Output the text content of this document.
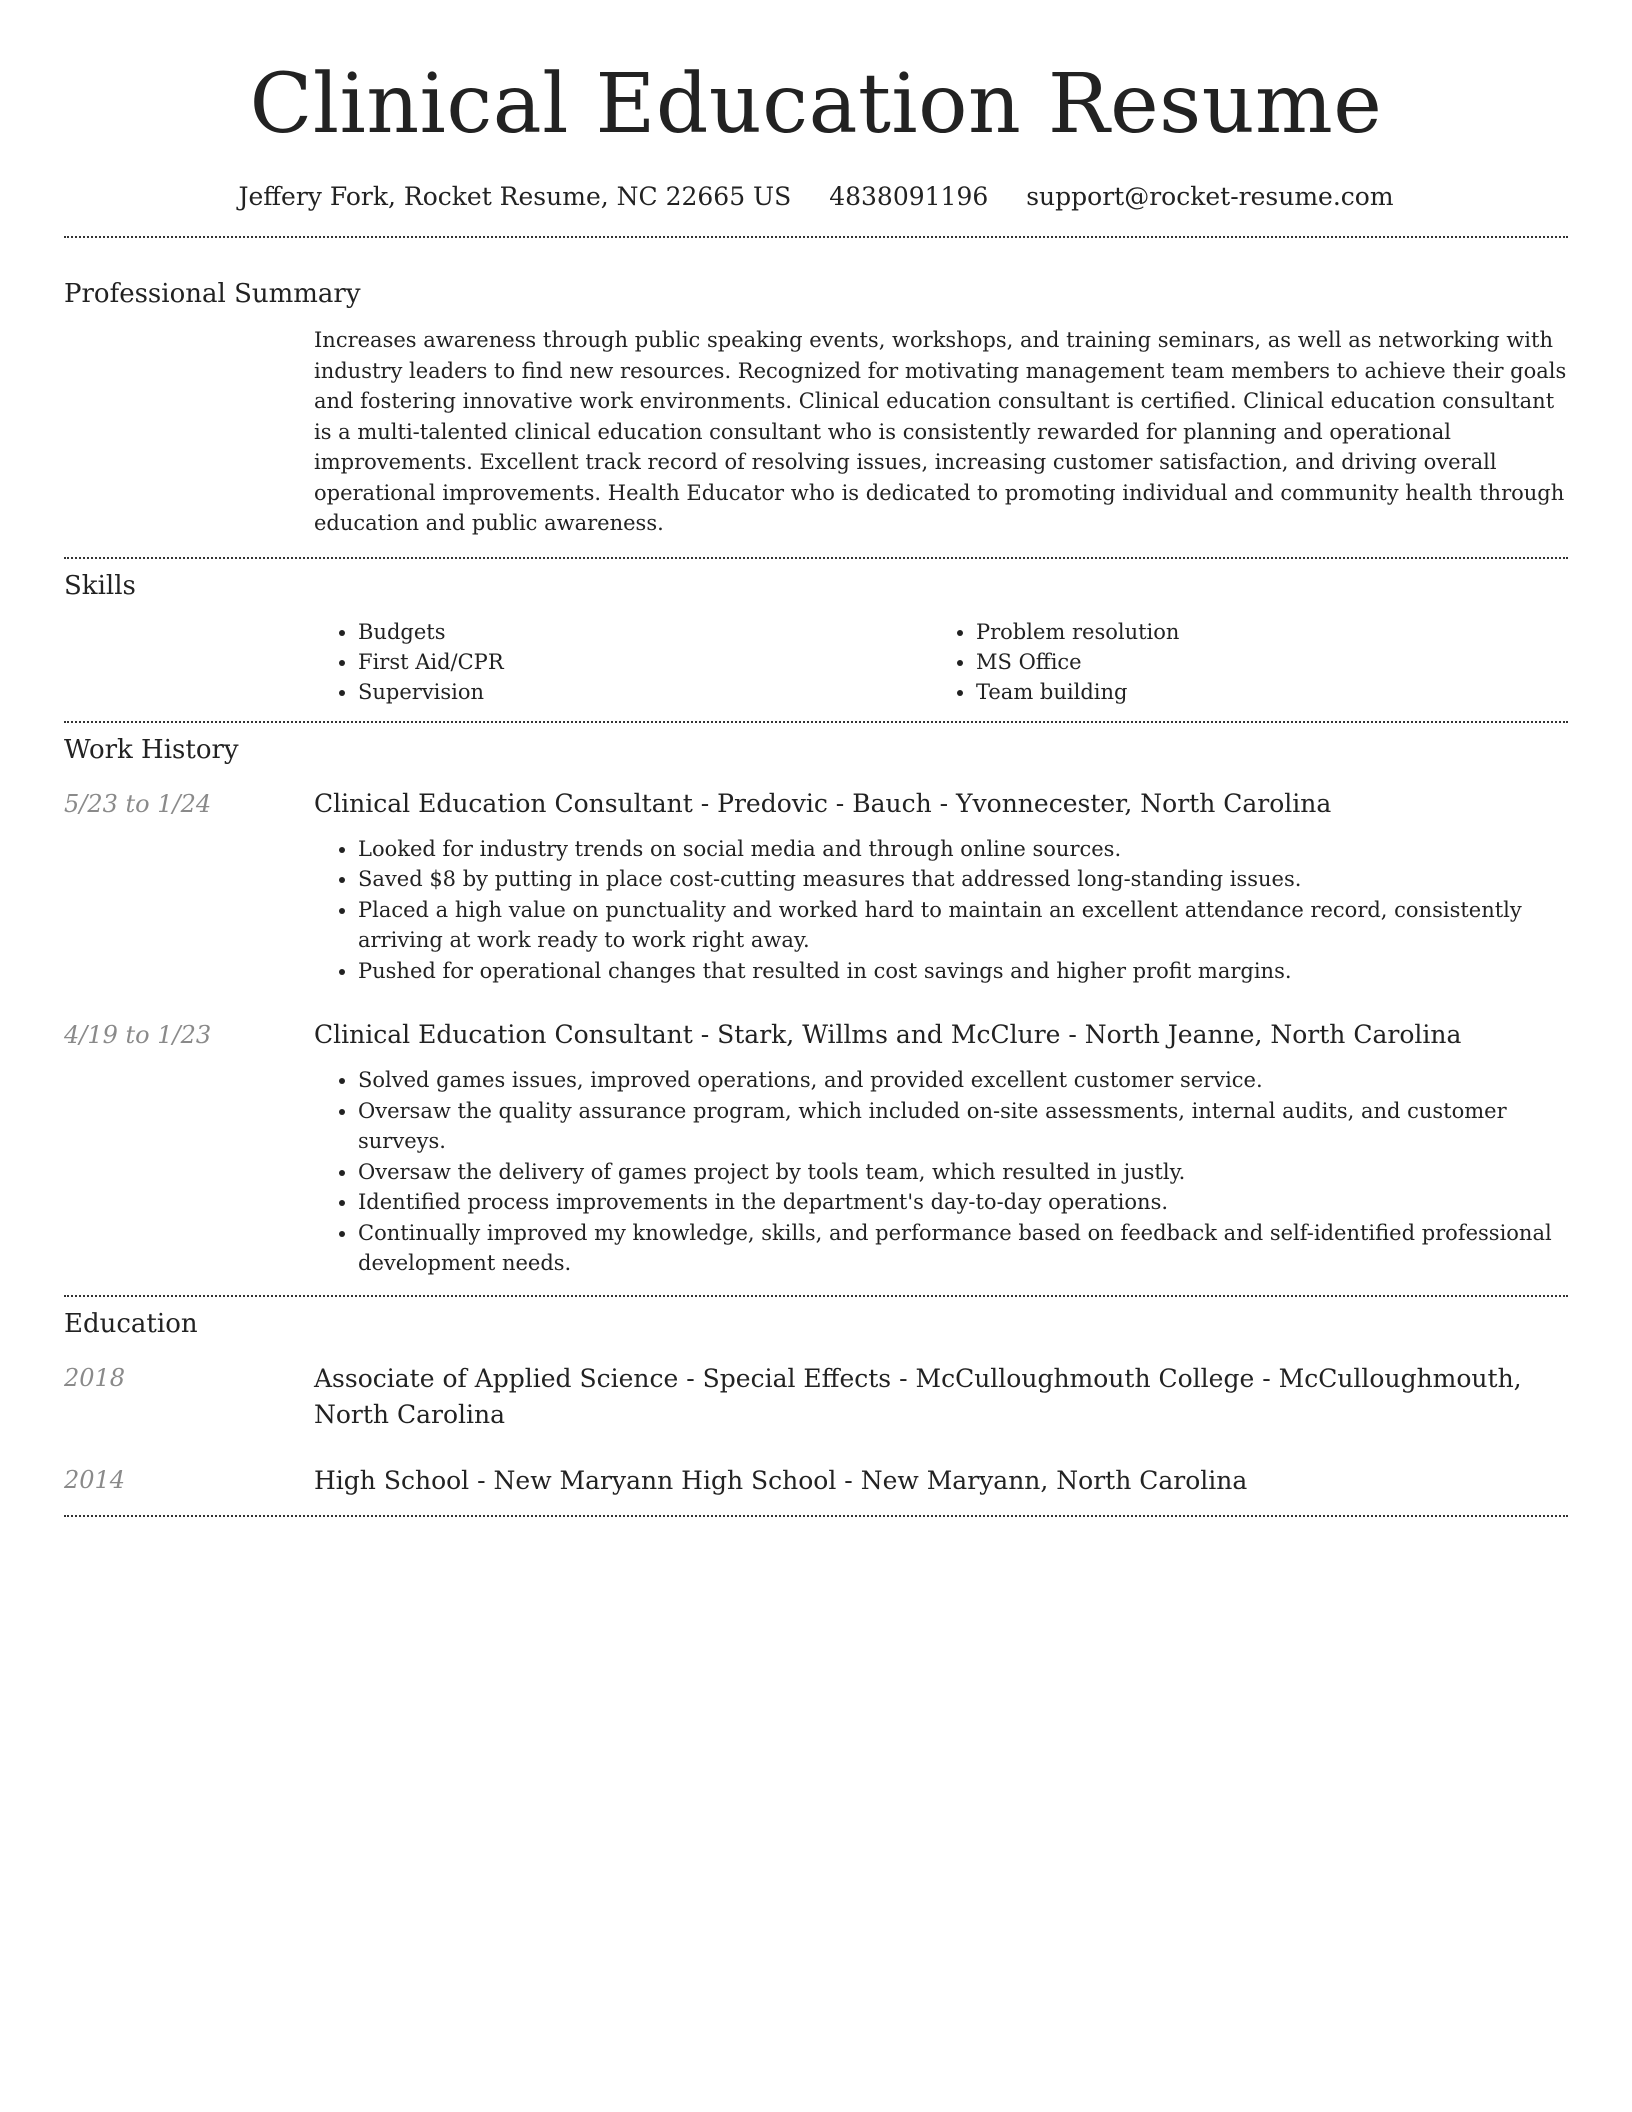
Clinical Education Resume
Jeffery Fork, Rocket Resume, NC 22665 US 4838091196 support@rocket-resume.com
Professional Summary

Increases awareness through public speaking events, workshops, and training seminars, as well as networking with industry leaders to find new resources. Recognized for motivating management team members to achieve their goals and fostering innovative work environments. Clinical education consultant is certified. Clinical education consultant is a multi-talented clinical education consultant who is consistently rewarded for planning and operational improvements. Excellent track record of resolving issues, increasing customer satisfaction, and driving overall operational improvements. Health Educator who is dedicated to promoting individual and community health through education and public awareness.

Skills
• Budgets
• First Aid/CPR
• Supervision
• Problem resolution
• MS Office
• Team building
Work History
5/23 to 1/24	Clinical Education Consultant - Predovic - Bauch - Yvonnecester, North Carolina
• Looked for industry trends on social media and through online sources.
• Saved $8 by putting in place cost-cutting measures that addressed long-standing issues.
• Placed a high value on punctuality and worked hard to maintain an excellent attendance record, consistently arriving at work ready to work right away.
• Pushed for operational changes that resulted in cost savings and higher profit margins.
4/19 to 1/23	Clinical Education Consultant - Stark, Willms and McClure - North Jeanne, North Carolina
• Solved games issues, improved operations, and provided excellent customer service.
• Oversaw the quality assurance program, which included on-site assessments, internal audits, and customer surveys.
• Oversaw the delivery of games project by tools team, which resulted in justly.
• Identified process improvements in the department's day-to-day operations.
• Continually improved my knowledge, skills, and performance based on feedback and self-identified professional development needs.
Education
2018	Associate of Applied Science - Special Effects - McCulloughmouth College - McCulloughmouth, North Carolina
2014	High School - New Maryann High School - New Maryann, North Carolina
